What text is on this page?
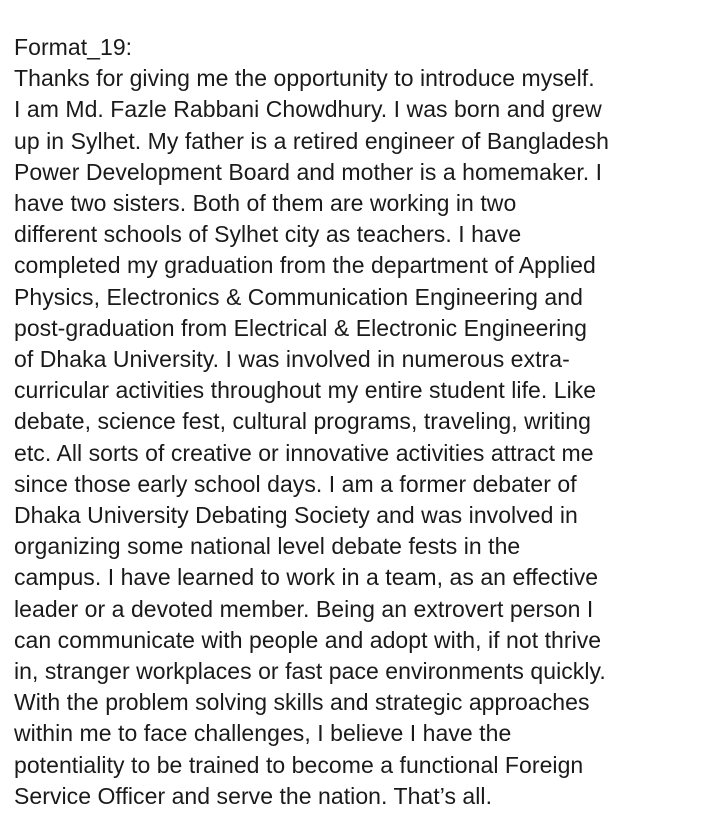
Format_19:
Thanks for giving me the opportunity to introduce myself.
I am Md. Fazle Rabbani Chowdhury. I was born and grew
up in Sylhet. My father is a retired engineer of Bangladesh
Power Development Board and mother is a homemaker. I
have two sisters. Both of them are working in two
different schools of Sylhet city as teachers. I have
completed my graduation from the department of Applied
Physics, Electronics & Communication Engineering and
post-graduation from Electrical & Electronic Engineering
of Dhaka University. I was involved in numerous extra-
curricular activities throughout my entire student life. Like
debate, science fest, cultural programs, traveling, writing
etc. All sorts of creative or innovative activities attract me
since those early school days. I am a former debater of
Dhaka University Debating Society and was involved in
organizing some national level debate fests in the
campus. I have learned to work in a team, as an effective
leader or a devoted member. Being an extrovert person I
can communicate with people and adopt with, if not thrive
in, stranger workplaces or fast pace environments quickly.
With the problem solving skills and strategic approaches
within me to face challenges, I believe I have the
potentiality to be trained to become a functional Foreign
Service Officer and serve the nation. That’s all.
